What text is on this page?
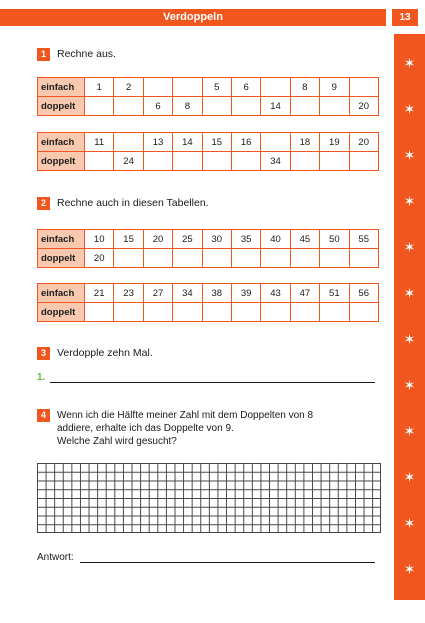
Verdoppeln	13
✶
✶
✶
✶
✶
✶
✶
✶
✶
✶
✶
✶
✶
1	Rechne aus.
einfach	1	2			5	6		8	9	
doppelt			6	8			14			20
einfach	11		13	14	15	16		18	19	20
doppelt		24					34			
2	Rechne auch in diesen Tabellen.
einfach	10	15	20	25	30	35	40	45	50	55
doppelt	20									
einfach	21	23	27	34	38	39	43	47	51	56
doppelt										
3	Verdopple zehn Mal.
1.
4	Wenn ich die Hälfte meiner Zahl mit dem Doppelten von 8
addiere, erhalte ich das Doppelte von 9.
Welche Zahl wird gesucht?
Antwort:
